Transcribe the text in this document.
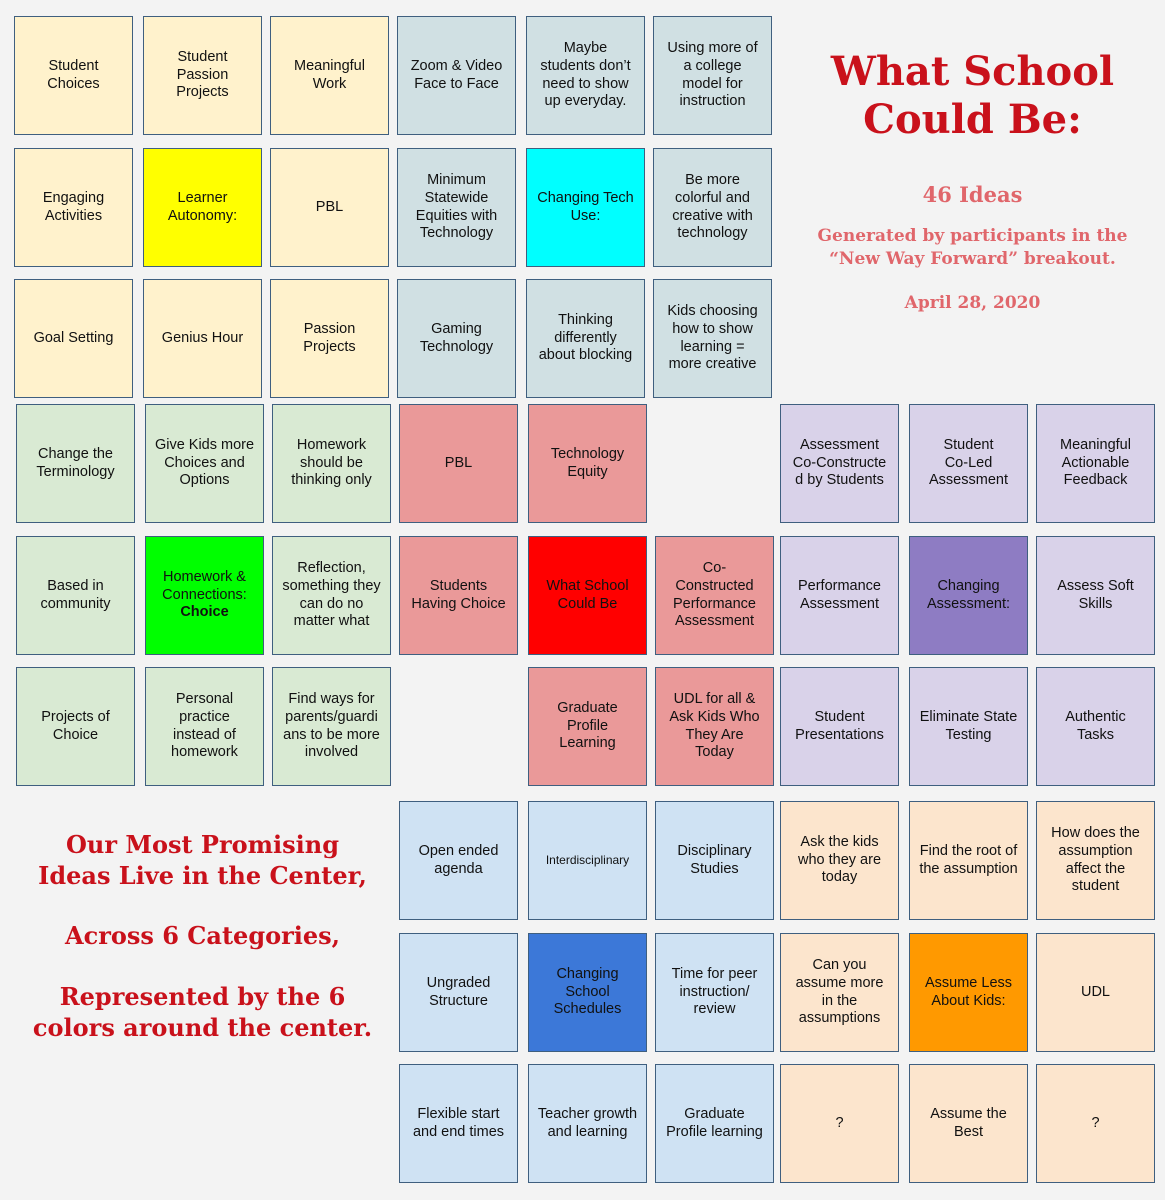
Student
Choices
Student
Passion
Projects
Meaningful
Work
Engaging
Activities
Learner
Autonomy:
PBL
Goal Setting	Genius Hour
Passion
Projects
Zoom & Video
Face to Face
Maybe
students don’t
need to show
up everyday.
Using more of
a college
model for
instruction
Minimum
Statewide
Equities with
Technology
Changing Tech
Use:
Be more
colorful and
creative with
technology
Gaming
Technology
Thinking
differently
about blocking
Kids choosing
how to show
learning =
more creative
Change the
Terminology
Give Kids more
Choices and
Options
Homework
should be
thinking only
Based in
community
Homework &
Connections:
Choice
Reflection,
something they
can do no
matter what
Projects of
Choice
Personal
practice
instead of
homework
Find ways for
parents/guardi
ans to be more
involved
PBL
Technology
Equity
Students
Having Choice
What School
Could Be
Co-
Constructed
Performance
Assessment
Graduate
Profile
Learning
UDL for all &
Ask Kids Who
They Are
Today
Assessment
Co-Constructe
d by Students
Student
Co-Led
Assessment
Meaningful
Actionable
Feedback
Performance
Assessment
Changing
Assessment:
Assess Soft
Skills
Student
Presentations
Eliminate State
Testing
Authentic
Tasks
Open ended
agenda
Interdisciplinary
Disciplinary
Studies
Ungraded
Structure
Changing
School
Schedules
Time for peer
instruction/
review
Flexible start
and end times
Teacher growth
and learning
Graduate
Profile learning
Ask the kids
who they are
today
Find the root of
the assumption
How does the
assumption
affect the
student
Can you
assume more
in the
assumptions
Assume Less
About Kids:
UDL
?
Assume the
Best
?
What School Could Be:
46 Ideas
Generated by participants in the “New Way Forward” breakout.
April 28, 2020

Our Most Promising Ideas Live in the Center,

Across 6 Categories,

Represented by the 6 colors around the center.
